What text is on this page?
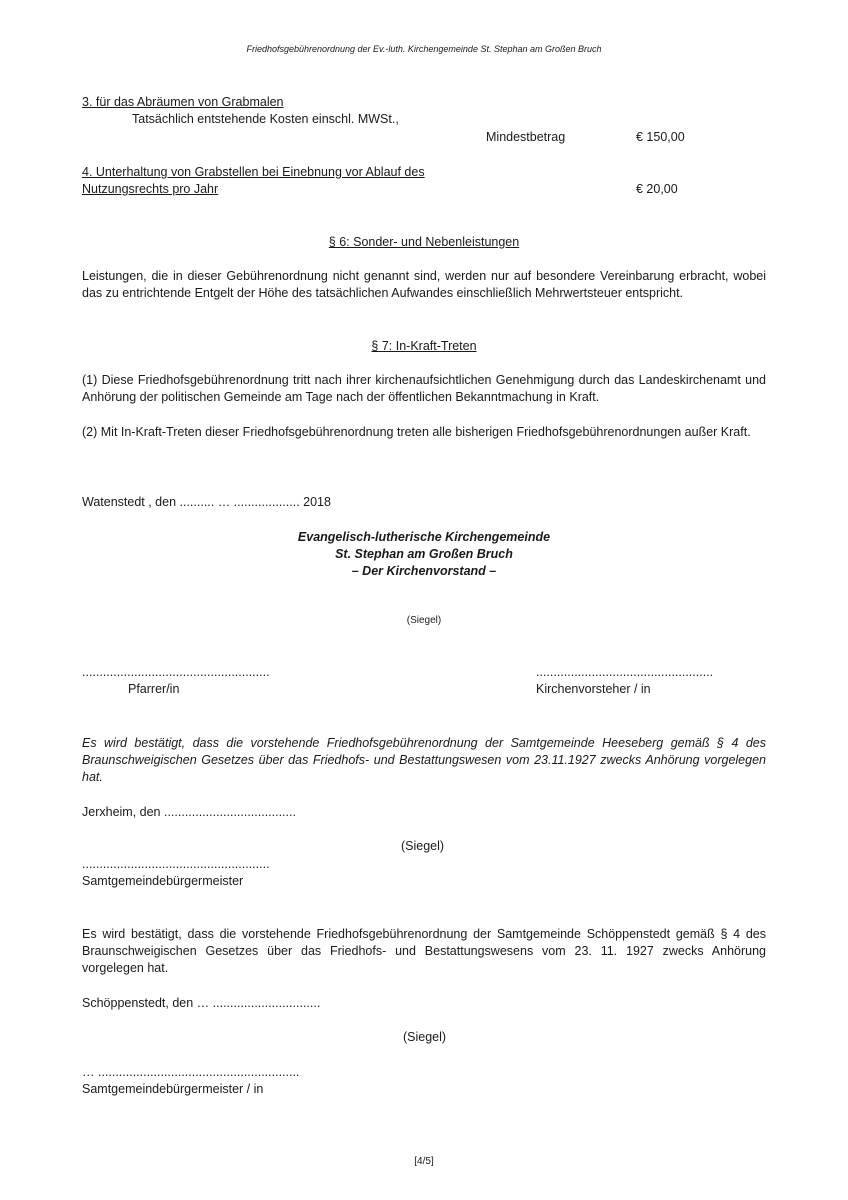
Friedhofsgebührenordnung der Ev.-luth. Kirchengemeinde St. Stephan am Großen Bruch
3. für das Abräumen von Grabmalen
Tatsächlich entstehende Kosten einschl. MWSt.,
Mindestbetrag	€ 150,00
4. Unterhaltung von Grabstellen bei Einebnung vor Ablauf des
Nutzungsrechts pro Jahr	€ 20,00
§ 6: Sonder- und Nebenleistungen
Leistungen, die in dieser Gebührenordnung nicht genannt sind, werden nur auf besondere Vereinbarung erbracht, wobei das zu entrichtende Entgelt der Höhe des tatsächlichen Aufwandes einschließlich Mehrwertsteuer entspricht.
§ 7: In-Kraft-Treten
(1) Diese Friedhofsgebührenordnung tritt nach ihrer kirchenaufsichtlichen Genehmigung durch das Landeskirchenamt und Anhörung der politischen Gemeinde am Tage nach der öffentlichen Bekanntmachung in Kraft.
(2) Mit In-Kraft-Treten dieser Friedhofsgebührenordnung treten alle bisherigen Friedhofsgebührenordnungen außer Kraft.
Watenstedt , den .......... … ................... 2018
Evangelisch-lutherische Kirchengemeinde
St. Stephan am Großen Bruch
– Der Kirchenvorstand –
(Siegel)
......................................................
Pfarrer/in
...................................................
Kirchenvorsteher / in
Es wird bestätigt, dass die vorstehende Friedhofsgebührenordnung der Samtgemeinde Heeseberg gemäß § 4 des Braunschweigischen Gesetzes über das Friedhofs- und Bestattungswesen vom 23.11.1927 zwecks Anhörung vorgelegen hat.
Jerxheim, den ......................................
(Siegel)
......................................................
Samtgemeindebürgermeister
Es wird bestätigt, dass die vorstehende Friedhofsgebührenordnung der Samtgemeinde Schöppenstedt gemäß § 4 des Braunschweigischen Gesetzes über das Friedhofs- und Bestattungswesens vom 23. 11. 1927 zwecks Anhörung vorgelegen hat.
Schöppenstedt, den … ...............................
(Siegel)
… ..........................................................
Samtgemeindebürgermeister / in
[4/5]
